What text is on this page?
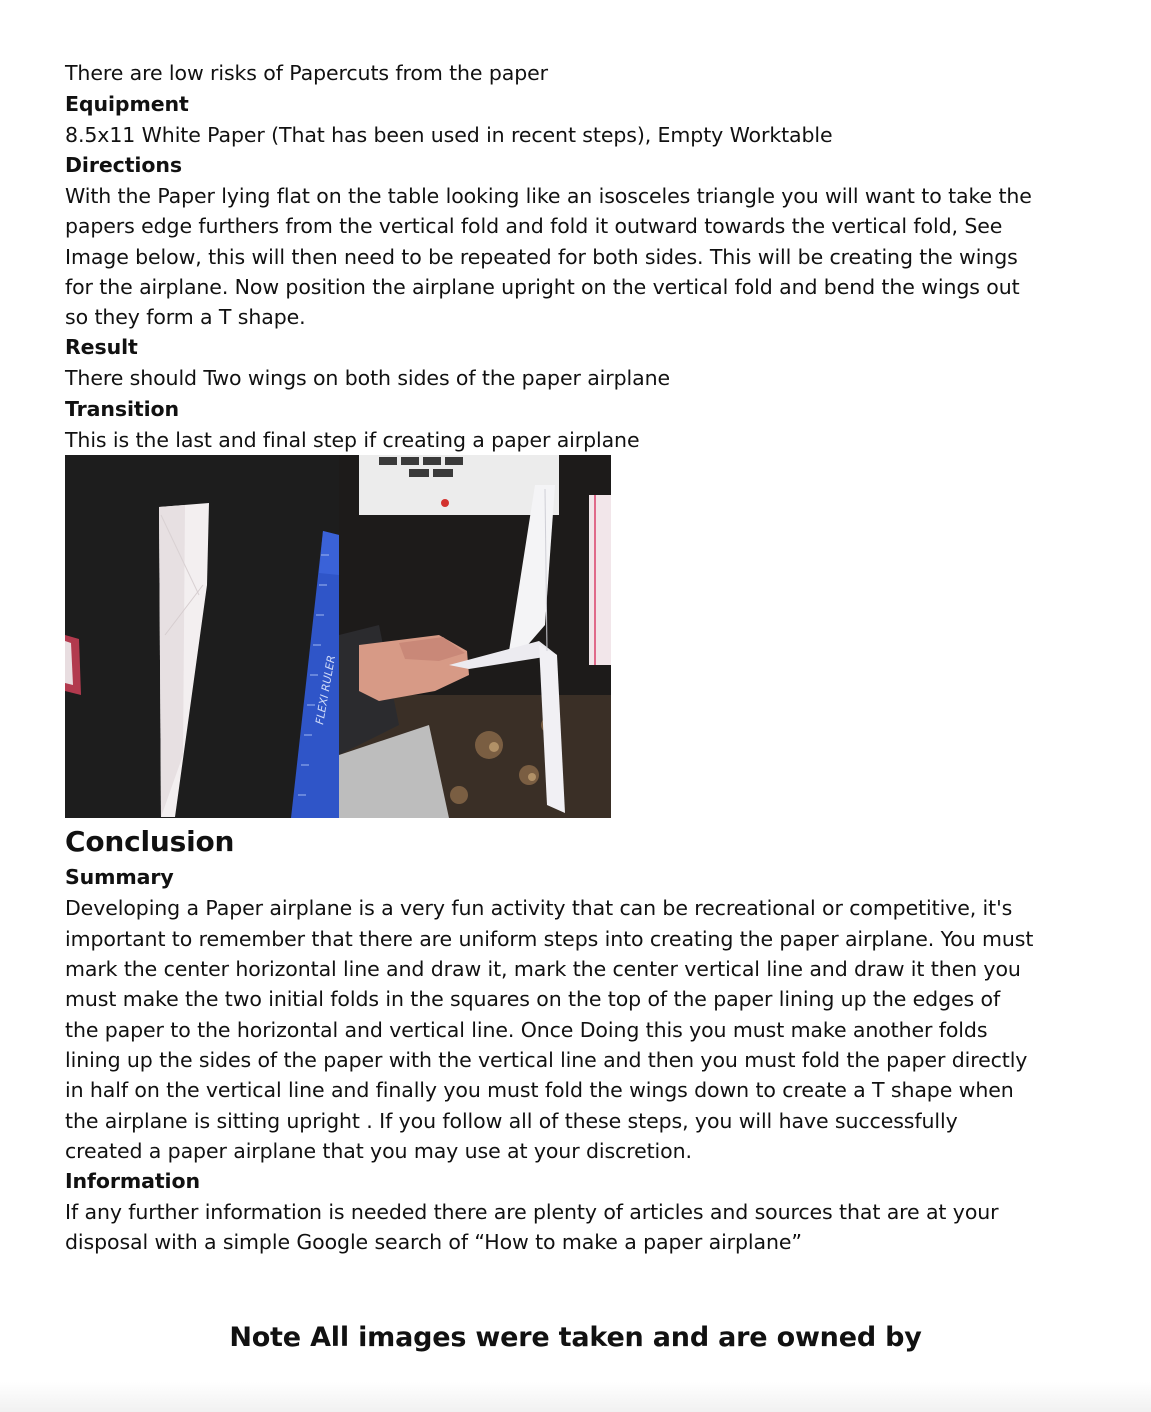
There are low risks of Papercuts from the paper

Equipment

8.5x11 White Paper (That has been used in recent steps), Empty Worktable

Directions

With the Paper lying flat on the table looking like an isosceles triangle you will want to take the papers edge furthers from the vertical fold and fold it outward towards the vertical fold, See Image below, this will then need to be repeated for both sides. This will be creating the wings for the airplane. Now position the airplane upright on the vertical fold and bend the wings out so they form a T shape.

Result

There should Two wings on both sides of the paper airplane

Transition

This is the last and final step if creating a paper airplane

FLEXI RULER

Conclusion

Summary

Developing a Paper airplane is a very fun activity that can be recreational or competitive, it's important to remember that there are uniform steps into creating the paper airplane. You must mark the center horizontal line and draw it, mark the center vertical line and draw it then you must make the two initial folds in the squares on the top of the paper lining up the edges of the paper to the horizontal and vertical line. Once Doing this you must make another folds lining up the sides of the paper with the vertical line and then you must fold the paper directly in half on the vertical line and finally you must fold the wings down to create a T shape when the airplane is sitting upright . If you follow all of these steps, you will have successfully created a paper airplane that you may use at your discretion.

Information

If any further information is needed there are plenty of articles and sources that are at your disposal with a simple Google search of “How to make a paper airplane”

Note All images were taken and are owned by
